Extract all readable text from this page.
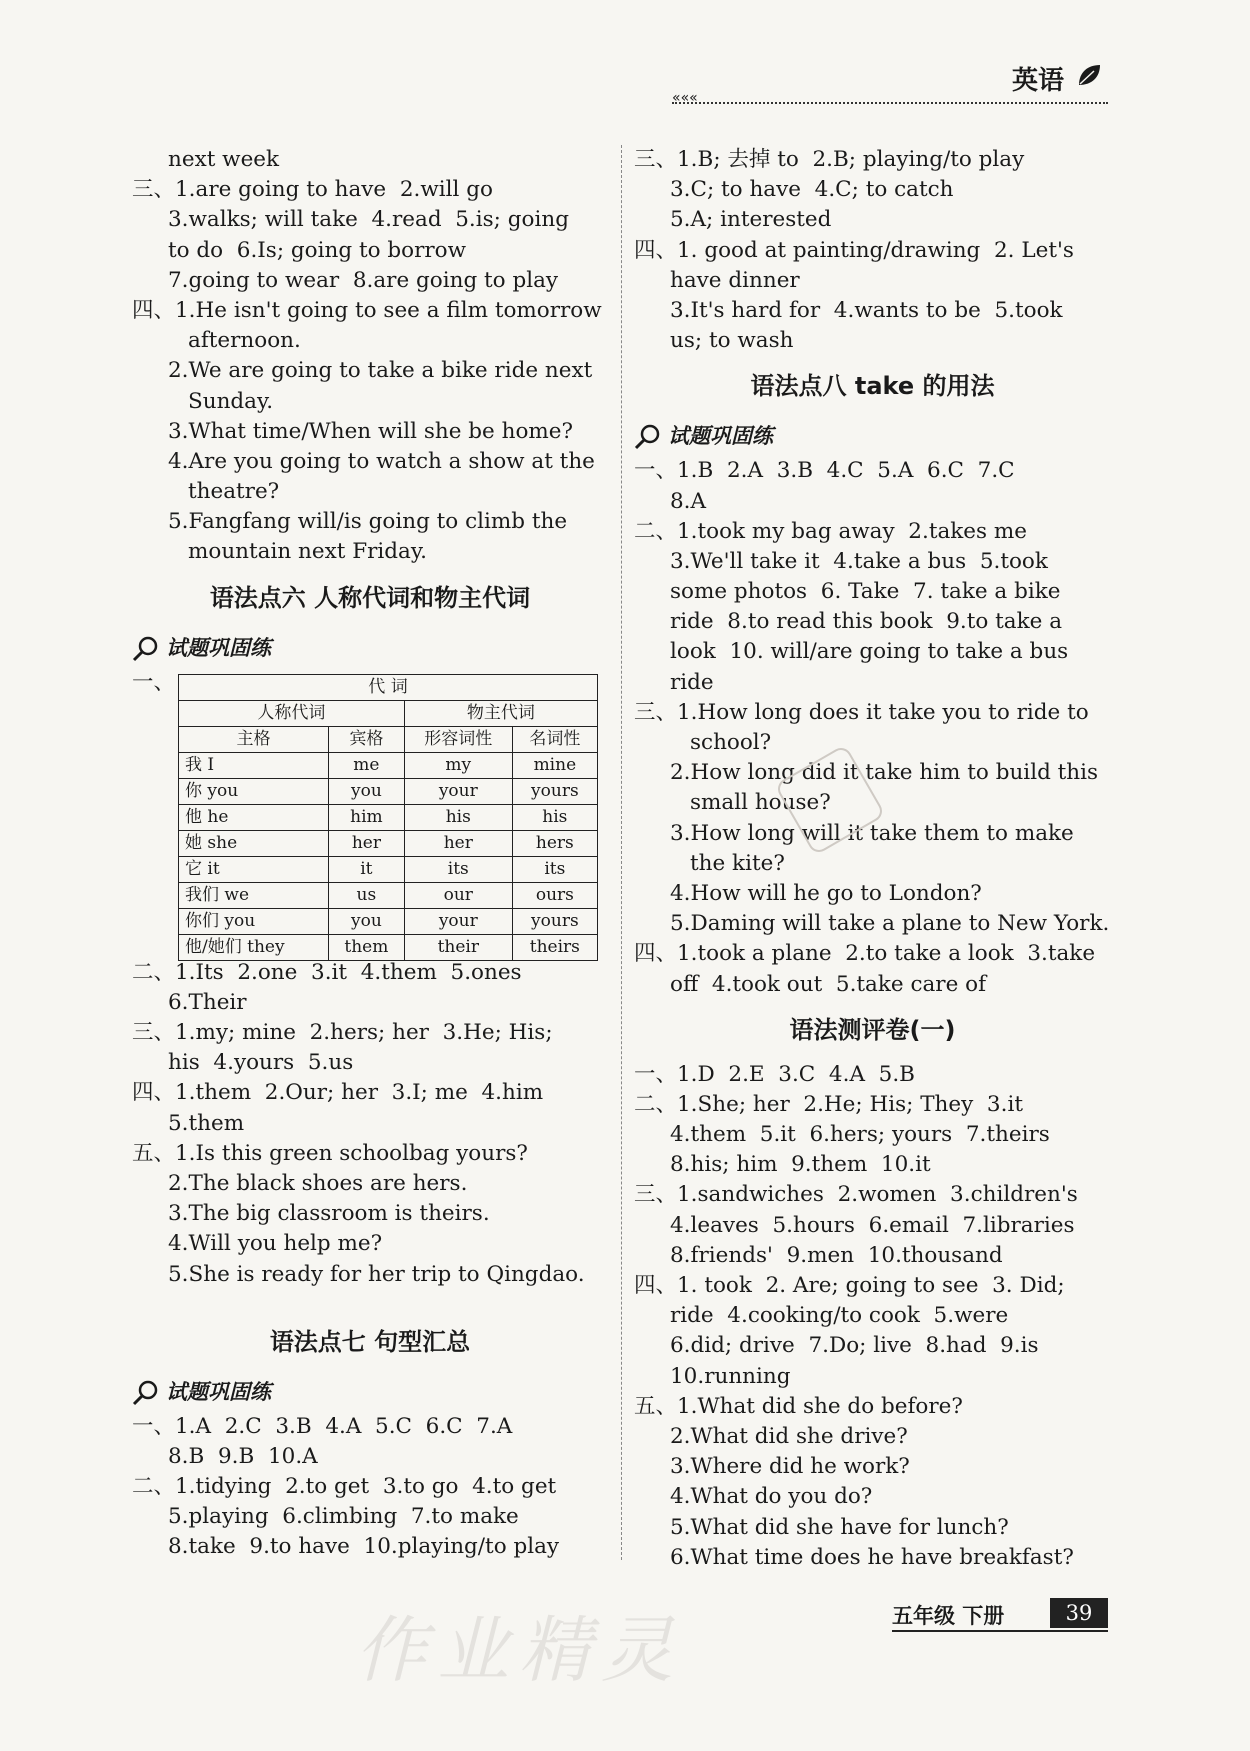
英语
«««
next week
三、1.are going to have  2.will go
3.walks; will take  4.read  5.is; going
to do  6.Is; going to borrow
7.going to wear  8.are going to play
四、1.He isn't going to see a film tomorrow
afternoon.
2.We are going to take a bike ride next
Sunday.
3.What time/When will she be home?
4.Are you going to watch a show at the
theatre?
5.Fangfang will/is going to climb the
mountain next Friday.
语法点六 人称代词和物主代词
试题巩固练
一、	代 词			
人称代词		物主代词	
主格	宾格	形容词性	名词性
我 I	me	my	mine
你 you	you	your	yours
他 he	him	his	his
她 she	her	her	hers
它 it	it	its	its
我们 we	us	our	ours
你们 you	you	your	yours
他/她们 they	them	their	theirs
二、1.Its  2.one  3.it  4.them  5.ones
6.Their
三、1.my; mine  2.hers; her  3.He; His;
his  4.yours  5.us
四、1.them  2.Our; her  3.I; me  4.him
5.them
五、1.Is this green schoolbag yours?
2.The black shoes are hers.
3.The big classroom is theirs.
4.Will you help me?
5.She is ready for her trip to Qingdao.
语法点七 句型汇总
试题巩固练
一、1.A  2.C  3.B  4.A  5.C  6.C  7.A
8.B  9.B  10.A
二、1.tidying  2.to get  3.to go  4.to get
5.playing  6.climbing  7.to make
8.take  9.to have  10.playing/to play
三、1.B; 去掉 to  2.B; playing/to play
3.C; to have  4.C; to catch
5.A; interested
四、1. good at painting/drawing  2. Let's
have dinner
3.It's hard for  4.wants to be  5.took
us; to wash
语法点八 take 的用法
试题巩固练
一、1.B  2.A  3.B  4.C  5.A  6.C  7.C
8.A
二、1.took my bag away  2.takes me
3.We'll take it  4.take a bus  5.took
some photos  6. Take  7. take a bike
ride  8.to read this book  9.to take a
look  10. will/are going to take a bus
ride
三、1.How long does it take you to ride to
school?
2.How long did it take him to build this
small house?
3.How long will it take them to make
the kite?
4.How will he go to London?
5.Daming will take a plane to New York.
四、1.took a plane  2.to take a look  3.take
off  4.took out  5.take care of
语法测评卷(一)
一、1.D  2.E  3.C  4.A  5.B
二、1.She; her  2.He; His; They  3.it
4.them  5.it  6.hers; yours  7.theirs
8.his; him  9.them  10.it
三、1.sandwiches  2.women  3.children's
4.leaves  5.hours  6.email  7.libraries
8.friends'  9.men  10.thousand
四、1. took  2. Are; going to see  3. Did;
ride  4.cooking/to cook  5.were
6.did; drive  7.Do; live  8.had  9.is
10.running
五、1.What did she do before?
2.What did she drive?
3.Where did he work?
4.What do you do?
5.What did she have for lunch?
6.What time does he have breakfast?
作业精灵	五年级 下册	39
